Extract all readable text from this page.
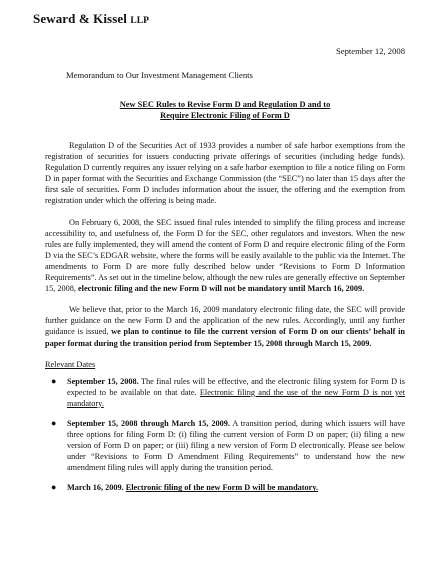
Seward & Kissel LLP
September 12, 2008
Memorandum to Our Investment Management Clients
New SEC Rules to Revise Form D and Regulation D and to
Require Electronic Filing of Form D

Regulation D of the Securities Act of 1933 provides a number of safe harbor exemptions from the registration of securities for issuers conducting private offerings of securities (including hedge funds). Regulation D currently requires any issuer relying on a safe harbor exemption to file a notice filing on Form D in paper format with the Securities and Exchange Commission (the “SEC”) no later than 15 days after the first sale of securities. Form D includes information about the issuer, the offering and the exemption from registration under which the offering is being made.

On February 6, 2008, the SEC issued final rules intended to simplify the filing process and increase accessibility to, and usefulness of, the Form D for the SEC, other regulators and investors. When the new rules are fully implemented, they will amend the content of Form D and require electronic filing of the Form D via the SEC’s EDGAR website, where the forms will be easily available to the public via the Internet. The amendments to Form D are more fully described below under “Revisions to Form D Information Requirements”. As set out in the timeline below, although the new rules are generally effective on September 15, 2008, electronic filing and the new Form D will not be mandatory until March 16, 2009.

We believe that, prior to the March 16, 2009 mandatory electronic filing date, the SEC will provide further guidance on the new Form D and the application of the new rules. Accordingly, until any further guidance is issued, we plan to continue to file the current version of Form D on our clients’ behalf in paper format during the transition period from September 15, 2008 through March 15, 2009.

Relevant Dates
● September 15, 2008. The final rules will be effective, and the electronic filing system for Form D is expected to be available on that date. Electronic filing and the use of the new Form D is not yet mandatory.
● September 15, 2008 through March 15, 2009. A transition period, during which issuers will have three options for filing Form D: (i) filing the current version of Form D on paper; (ii) filing a new version of Form D on paper; or (iii) filing a new version of Form D electronically. Please see below under “Revisions to Form D Amendment Filing Requirements” to understand how the new amendment filing rules will apply during the transition period.
● March 16, 2009. Electronic filing of the new Form D will be mandatory.
